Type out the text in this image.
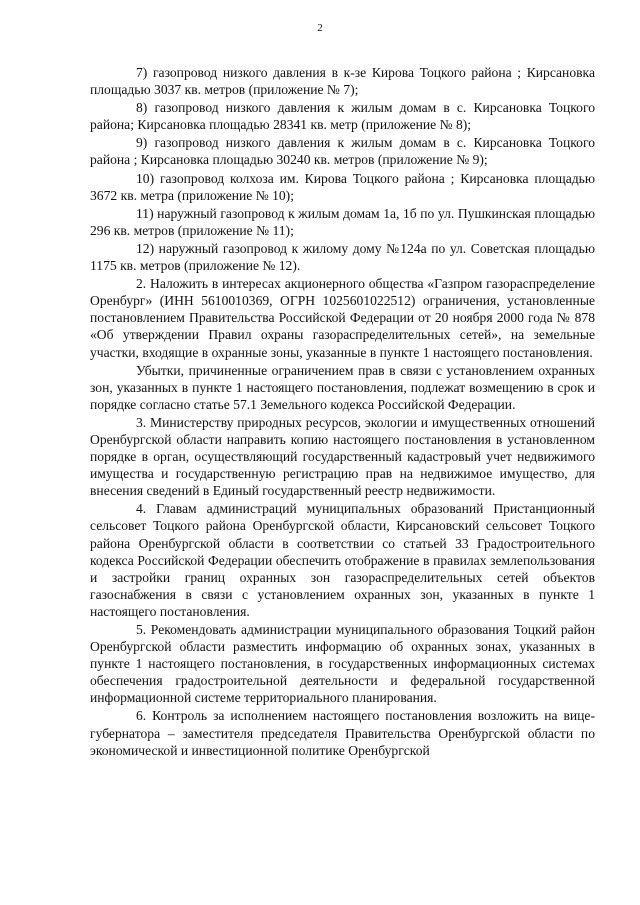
2

7) газопровод низкого давления в к-зе Кирова Тоцкого района ; Кирсановка площадью 3037 кв. метров (приложение № 7);

8) газопровод низкого давления к жилым домам в с. Кирсановка Тоцкого района; Кирсановка площадью 28341 кв. метр (приложение № 8);

9) газопровод низкого давления к жилым домам в с. Кирсановка Тоцкого района ; Кирсановка площадью 30240 кв. метров (приложение № 9);

10) газопровод колхоза им. Кирова Тоцкого района ; Кирсановка площадью 3672 кв. метра (приложение № 10);

11) наружный газопровод к жилым домам 1а, 1б по ул. Пушкинская площадью 296 кв. метров (приложение № 11);

12) наружный газопровод к жилому дому №124а по ул. Советская площадью 1175 кв. метров (приложение № 12).

2. Наложить в интересах акционерного общества «Газпром газораспределение Оренбург» (ИНН 5610010369, ОГРН 1025601022512) ограничения, установленные постановлением Правительства Российской Федерации от 20 ноября 2000 года № 878 «Об утверждении Правил охраны газораспределительных сетей», на земельные участки, входящие в охранные зоны, указанные в пункте 1 настоящего постановления.

Убытки, причиненные ограничением прав в связи с установлением охранных зон, указанных в пункте 1 настоящего постановления, подлежат возмещению в срок и порядке согласно статье 57.1 Земельного кодекса Российской Федерации.

3. Министерству природных ресурсов, экологии и имущественных отношений Оренбургской области направить копию настоящего постановления в установленном порядке в орган, осуществляющий государственный кадастровый учет недвижимого имущества и государственную регистрацию прав на недвижимое имущество, для внесения сведений в Единый государственный реестр недвижимости.

4. Главам администраций муниципальных образований Пристанционный сельсовет Тоцкого района Оренбургской области, Кирсановский сельсовет Тоцкого района Оренбургской области в соответствии со статьей 33 Градостроительного кодекса Российской Федерации обеспечить отображение в правилах землепользования и застройки границ охранных зон газораспределительных сетей объектов газоснабжения в связи с установлением охранных зон, указанных в пункте 1 настоящего постановления.

5. Рекомендовать администрации муниципального образования Тоцкий район Оренбургской области разместить информацию об охранных зонах, указанных в пункте 1 настоящего постановления, в государственных информационных системах обеспечения градостроительной деятельности и федеральной государственной информационной системе территориального планирования.

6. Контроль за исполнением настоящего постановления возложить на вице-губернатора – заместителя председателя Правительства Оренбургской области по экономической и инвестиционной политике Оренбургской
